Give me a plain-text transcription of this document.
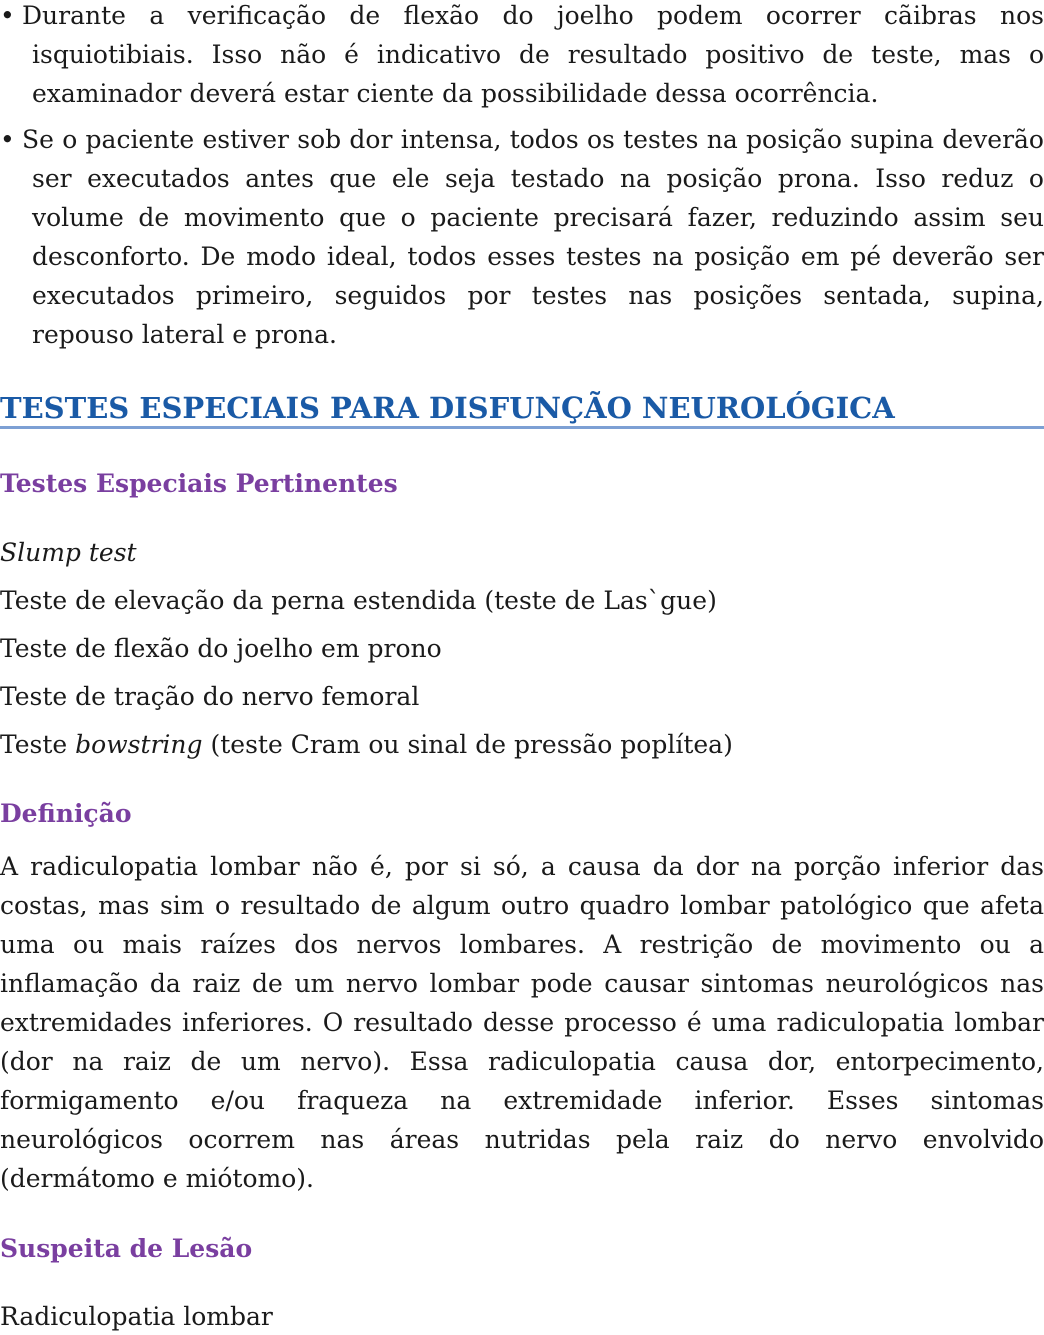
• Durante a verificação de flexão do joelho podem ocorrer cãibras nos isquiotibiais. Isso não é indicativo de resultado positivo de teste, mas o examinador deverá estar ciente da possibilidade dessa ocorrência.
• Se o paciente estiver sob dor intensa, todos os testes na posição supina deverão ser executados antes que ele seja testado na posição prona. Isso reduz o volume de movimento que o paciente precisará fazer, reduzindo assim seu desconforto. De modo ideal, todos esses testes na posição em pé deverão ser executados primeiro, seguidos por testes nas posições sentada, supina, repouso lateral e prona.
TESTES ESPECIAIS PARA DISFUNÇÃO NEUROLÓGICA
Testes Especiais Pertinentes
Slump test
Teste de elevação da perna estendida (teste de Las`gue)
Teste de flexão do joelho em prono
Teste de tração do nervo femoral
Teste bowstring (teste Cram ou sinal de pressão poplítea)
Definição
A radiculopatia lombar não é, por si só, a causa da dor na porção inferior das costas, mas sim o resultado de algum outro quadro lombar patológico que afeta uma ou mais raízes dos nervos lombares. A restrição de movimento ou a inflamação da raiz de um nervo lombar pode causar sintomas neurológicos nas extremidades inferiores. O resultado desse processo é uma radiculopatia lombar (dor na raiz de um nervo). Essa radiculopatia causa dor, entorpecimento, formigamento e/ou fraqueza na extremidade inferior. Esses sintomas neurológicos ocorrem nas áreas nutridas pela raiz do nervo envolvido (dermátomo e miótomo).
Suspeita de Lesão
Radiculopatia lombar
